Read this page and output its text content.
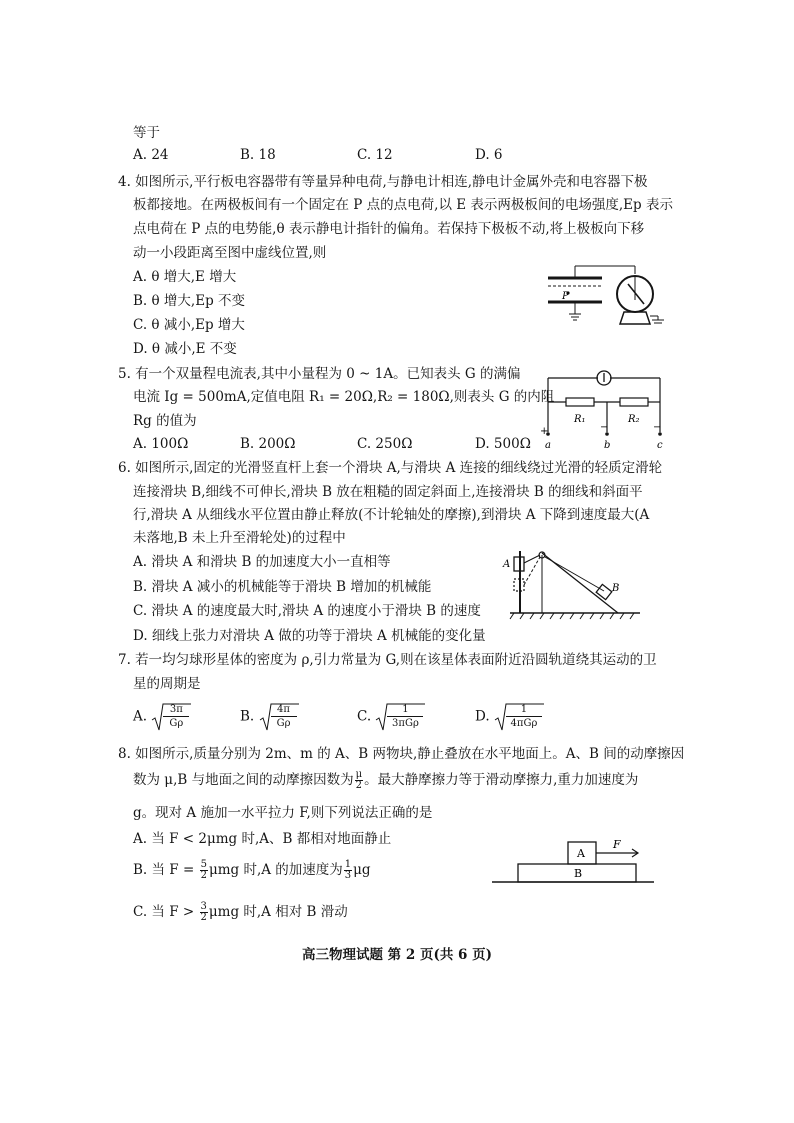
等于
A. 24	B. 18	C. 12	D. 6
4. 如图所示,平行板电容器带有等量异种电荷,与静电计相连,静电计金属外壳和电容器下极
板都接地。在两极板间有一个固定在 P 点的点电荷,以 E 表示两极板间的电场强度,Ep 表示
点电荷在 P 点的电势能,θ 表示静电计指针的偏角。若保持下极板不动,将上极板向下移
动一小段距离至图中虚线位置,则
A. θ 增大,E 增大
B. θ 增大,Ep 不变
C. θ 减小,Ep 增大
D. θ 减小,E 不变
P
5. 有一个双量程电流表,其中小量程为 0 ~ 1A。已知表头 G 的满偏
电流 Ig = 500mA,定值电阻 R₁ = 20Ω,R₂ = 180Ω,则表头 G 的内阻
Rg 的值为
A. 100Ω	B. 200Ω	C. 250Ω	D. 500Ω
R₁	R₂
+	−	−
a	b	c
6. 如图所示,固定的光滑竖直杆上套一个滑块 A,与滑块 A 连接的细线绕过光滑的轻质定滑轮
连接滑块 B,细线不可伸长,滑块 B 放在粗糙的固定斜面上,连接滑块 B 的细线和斜面平
行,滑块 A 从细线水平位置由静止释放(不计轮轴处的摩擦),到滑块 A 下降到速度最大(A
未落地,B 未上升至滑轮处)的过程中
A. 滑块 A 和滑块 B 的加速度大小一直相等
B. 滑块 A 减小的机械能等于滑块 B 增加的机械能
C. 滑块 A 的速度最大时,滑块 A 的速度小于滑块 B 的速度
D. 细线上张力对滑块 A 做的功等于滑块 A 机械能的变化量
A
B
7. 若一均匀球形星体的密度为 ρ,引力常量为 G,则在该星体表面附近沿圆轨道绕其运动的卫
星的周期是
A. $\frac{3\pi}{G\rho}$	B. $\frac{4\pi}{G\rho}$	C.	1
3πGρ	D.	1
4πGρ
8. 如图所示,质量分别为 2m、m 的 A、B 两物块,静止叠放在水平地面上。A、B 间的动摩擦因
数为 μ,B 与地面之间的动摩擦因数为 $\frac{\mu}{2}$ 。最大静摩擦力等于滑动摩擦力,重力加速度为
g。现对 A 施加一水平拉力 F,则下列说法正确的是
A. 当 F < 2μmg 时,A、B 都相对地面静止
B. 当 $F = \frac{5}{2}$ μmg 时,A 的加速度为 $\frac{1}{3}$ μg
C. 当 $F > \frac{3}{2}$ μmg 时,A 相对 B 滑动
A
F
B
高三物理试题 第 2 页(共 6 页)
